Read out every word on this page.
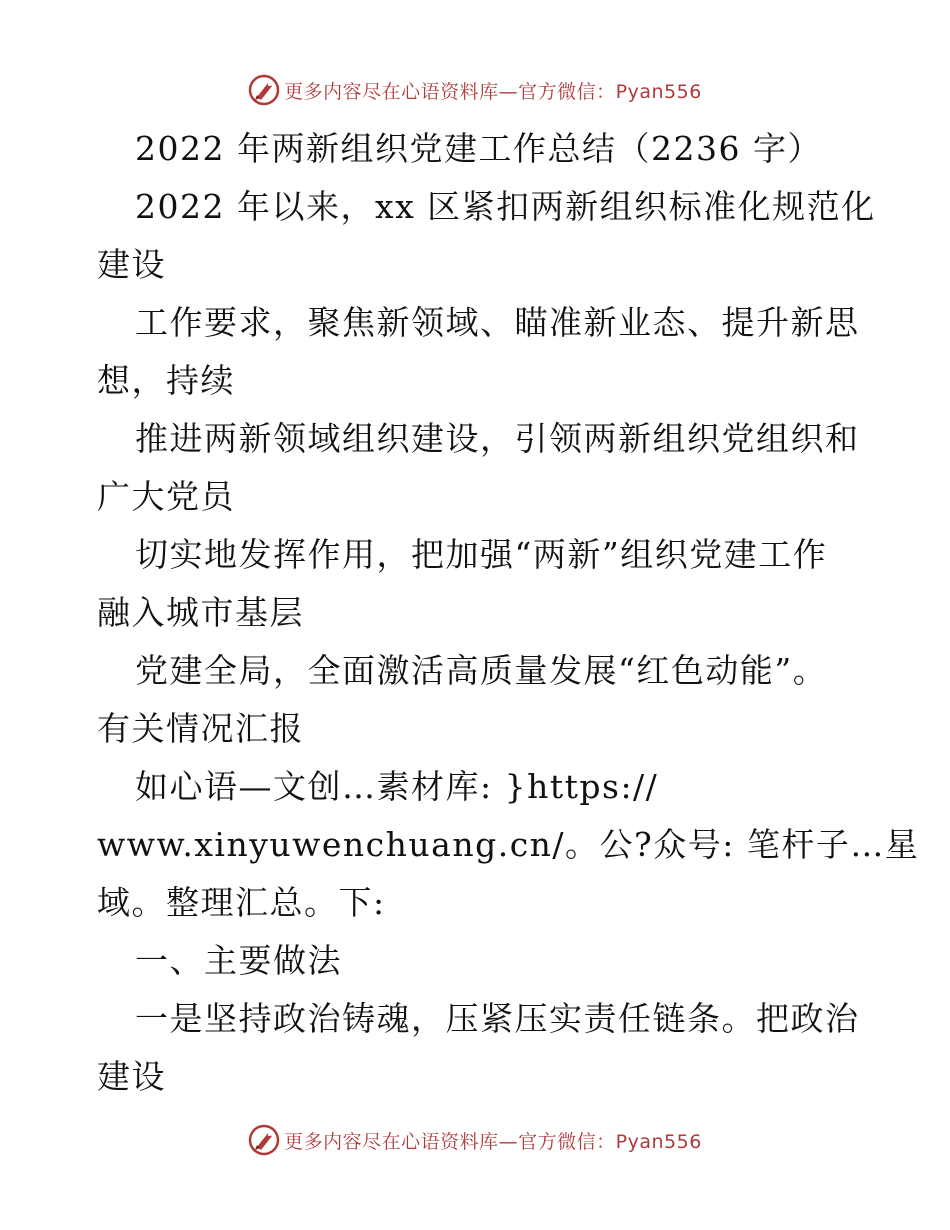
更多内容尽在心语资料库—官方微信：Pyan556
2022 年两新组织党建工作总结（2236 字）
2022 年以来，xx 区紧扣两新组织标准化规范化
建设
工作要求，聚焦新领域、瞄准新业态、提升新思
想，持续
推进两新领域组织建设，引领两新组织党组织和
广大党员
切实地发挥作用，把加强“两新”组织党建工作
融入城市基层
党建全局，全面激活高质量发展“红色动能”。
有关情况汇报
如心语—文创…素材库: }https://
www.xinyuwenchuang.cn/。公?众号: 笔杆子…星
域。整理汇总。下:
一、主要做法
一是坚持政治铸魂，压紧压实责任链条。把政治
建设
更多内容尽在心语资料库—官方微信：Pyan556
